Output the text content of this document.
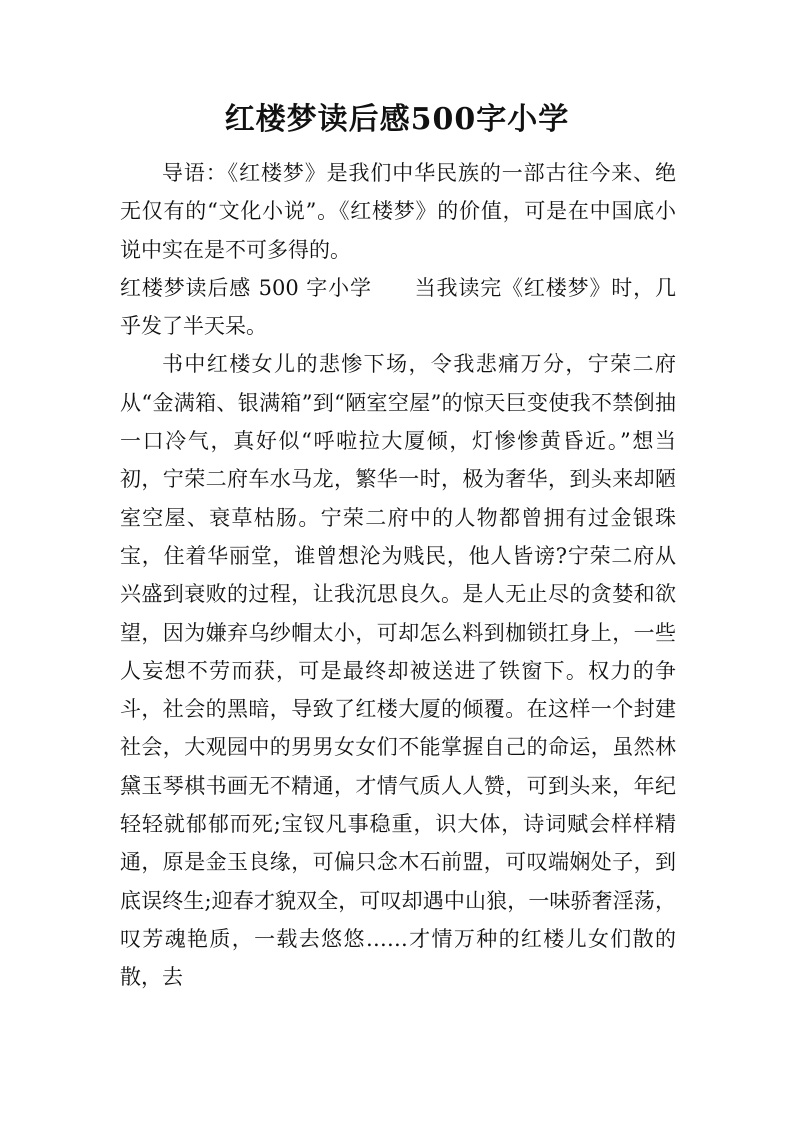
红楼梦读后感500字小学

导语：《红楼梦》是我们中华民族的一部古往今来、绝无仅有的“文化小说”。《红楼梦》的价值，可是在中国底小说中实在是不可多得的。

红楼梦读后感 500 字小学 当我读完《红楼梦》时，几乎发了半天呆。

书中红楼女儿的悲惨下场，令我悲痛万分，宁荣二府从“金满箱、银满箱”到“陋室空屋”的惊天巨变使我不禁倒抽一口冷气，真好似“呼啦拉大厦倾，灯惨惨黄昏近。”想当初，宁荣二府车水马龙，繁华一时，极为奢华，到头来却陋室空屋、衰草枯肠。宁荣二府中的人物都曾拥有过金银珠宝，住着华丽堂，谁曾想沦为贱民，他人皆谤?宁荣二府从兴盛到衰败的过程，让我沉思良久。是人无止尽的贪婪和欲望，因为嫌弃乌纱帽太小，可却怎么料到枷锁扛身上，一些人妄想不劳而获，可是最终却被送进了铁窗下。权力的争斗，社会的黑暗，导致了红楼大厦的倾覆。在这样一个封建社会，大观园中的男男女女们不能掌握自己的命运，虽然林黛玉琴棋书画无不精通，才情气质人人赞，可到头来，年纪轻轻就郁郁而死;宝钗凡事稳重，识大体，诗词赋会样样精通，原是金玉良缘，可偏只念木石前盟，可叹端娴处子，到底误终生;迎春才貌双全，可叹却遇中山狼，一味骄奢淫荡，叹芳魂艳质，一载去悠悠……才情万种的红楼儿女们散的散，去
